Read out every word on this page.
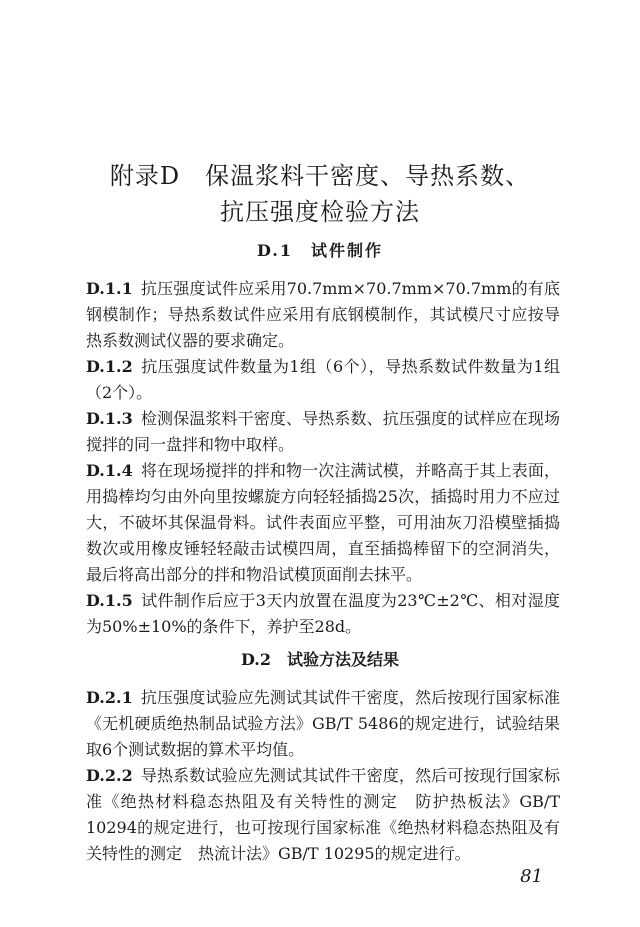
附录D　保温浆料干密度、导热系数、
抗压强度检验方法
D.1　试件制作

D.1.1 抗压强度试件应采用70.7mm×70.7mm×70.7mm的有底钢模制作；导热系数试件应采用有底钢模制作，其试模尺寸应按导热系数测试仪器的要求确定。

D.1.2 抗压强度试件数量为1组（6个），导热系数试件数量为1组（2个）。

D.1.3 检测保温浆料干密度、导热系数、抗压强度的试样应在现场搅拌的同一盘拌和物中取样。

D.1.4 将在现场搅拌的拌和物一次注满试模，并略高于其上表面，用捣棒均匀由外向里按螺旋方向轻轻插捣25次，插捣时用力不应过大，不破坏其保温骨料。试件表面应平整，可用油灰刀沿模壁插捣数次或用橡皮锤轻轻敲击试模四周，直至插捣棒留下的空洞消失，最后将高出部分的拌和物沿试模顶面削去抹平。

D.1.5 试件制作后应于3天内放置在温度为23℃±2℃、相对湿度为50%±10%的条件下，养护至28d。

D.2　试验方法及结果

D.2.1 抗压强度试验应先测试其试件干密度，然后按现行国家标准《无机硬质绝热制品试验方法》GB/T 5486的规定进行，试验结果取6个测试数据的算术平均值。

D.2.2 导热系数试验应先测试其试件干密度，然后可按现行国家标准《绝热材料稳态热阻及有关特性的测定　防护热板法》GB/T 10294的规定进行，也可按现行国家标准《绝热材料稳态热阻及有关特性的测定　热流计法》GB/T 10295的规定进行。

81
